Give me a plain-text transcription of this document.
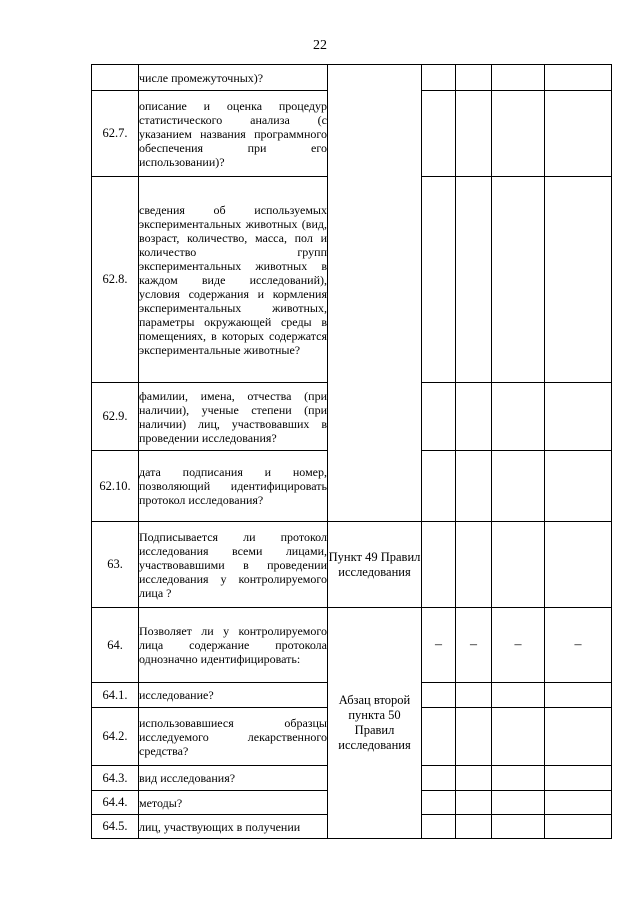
22
	числе промежуточных)?					
62.7.	описание и оценка процедур статистического анализа (с указанием названия программного обеспечения при его использовании)?					
62.8.	сведения об используемых экспериментальных животных (вид, возраст, количество, масса, пол и количество групп экспериментальных животных в каждом виде исследований), условия содержания и кормления экспериментальных животных, параметры окружающей среды в помещениях, в которых содержатся экспериментальные животные?					
62.9.	фамилии, имена, отчества (при наличии), ученые степени (при наличии) лиц, участвовавших в проведении исследования?					
62.10.	дата подписания и номер, позволяющий идентифицировать протокол исследования?					
63.	Подписывается ли протокол исследования всеми лицами, участвовавшими в проведении исследования у контролируемого лица ?	Пункт 49 Правил исследования				
64.	Позволяет ли у контролируемого лица содержание протокола однозначно идентифицировать:	Абзац второй пункта 50 Правил исследования	–	–	–	–
64.1.	исследование?					
64.2.	использовавшиеся образцы исследуемого лекарственного средства?					
64.3.	вид исследования?					
64.4.	методы?					
64.5.	лиц, участвующих в получении					
